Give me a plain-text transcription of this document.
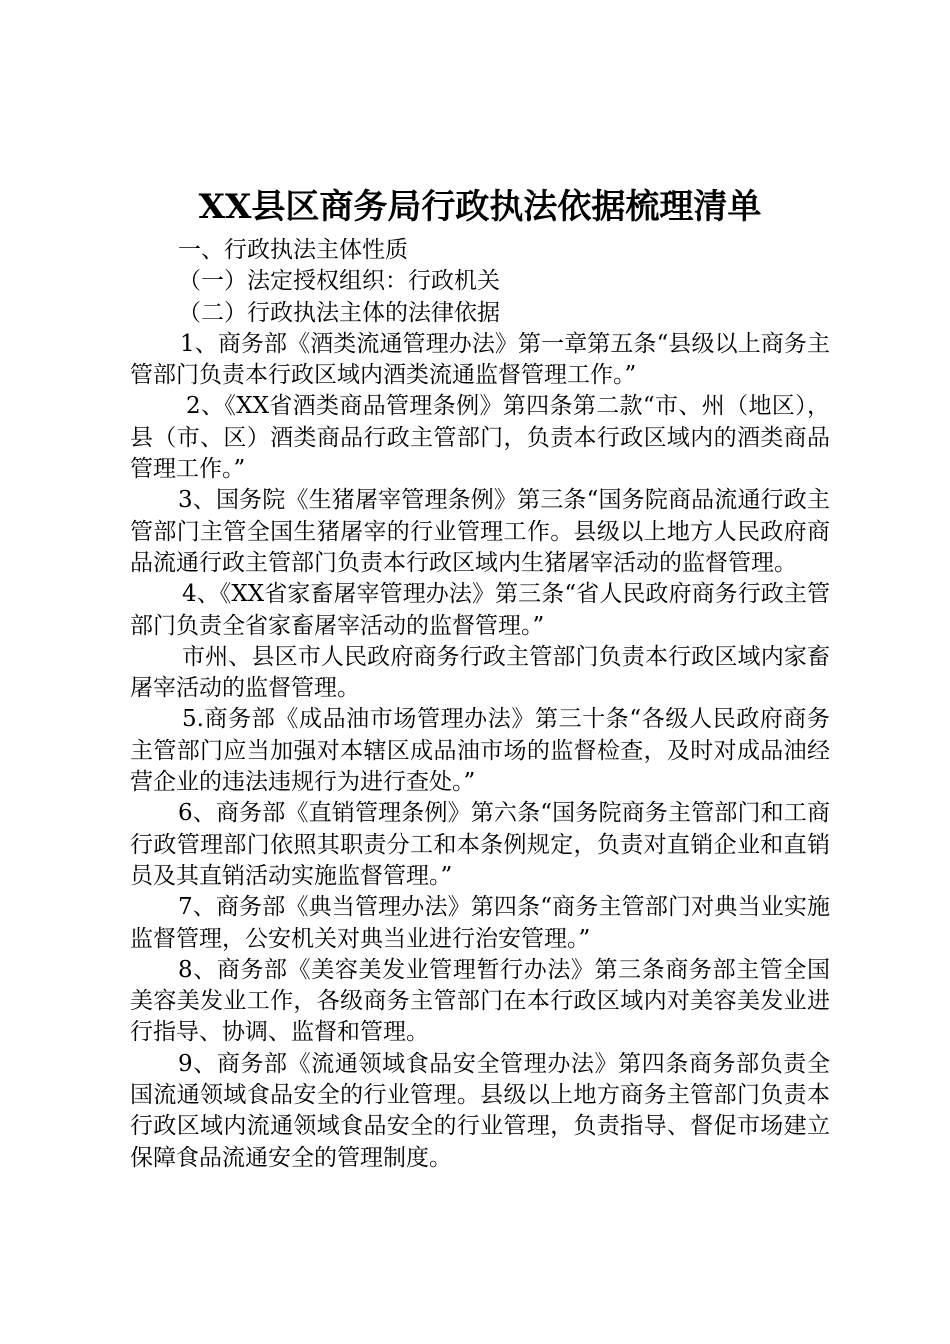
XX县区商务局行政执法依据梳理清单

一、行政执法主体性质

（一）法定授权组织：行政机关

（二）行政执法主体的法律依据

1、商务部《酒类流通管理办法》第一章第五条“县级以上商务主管部门负责本行政区域内酒类流通监督管理工作。”

2、《XX省酒类商品管理条例》第四条第二款“市、州（地区），县（市、区）酒类商品行政主管部门，负责本行政区域内的酒类商品管理工作。”

3、国务院《生猪屠宰管理条例》第三条“国务院商品流通行政主管部门主管全国生猪屠宰的行业管理工作。县级以上地方人民政府商品流通行政主管部门负责本行政区域内生猪屠宰活动的监督管理。

4、《XX省家畜屠宰管理办法》第三条“省人民政府商务行政主管部门负责全省家畜屠宰活动的监督管理。”

市州、县区市人民政府商务行政主管部门负责本行政区域内家畜屠宰活动的监督管理。

5.商务部《成品油市场管理办法》第三十条“各级人民政府商务主管部门应当加强对本辖区成品油市场的监督检查，及时对成品油经营企业的违法违规行为进行查处。”

6、商务部《直销管理条例》第六条“国务院商务主管部门和工商行政管理部门依照其职责分工和本条例规定，负责对直销企业和直销员及其直销活动实施监督管理。”

7、商务部《典当管理办法》第四条“商务主管部门对典当业实施监督管理，公安机关对典当业进行治安管理。”

8、商务部《美容美发业管理暂行办法》第三条商务部主管全国美容美发业工作，各级商务主管部门在本行政区域内对美容美发业进行指导、协调、监督和管理。

9、商务部《流通领域食品安全管理办法》第四条商务部负责全国流通领域食品安全的行业管理。县级以上地方商务主管部门负责本行政区域内流通领域食品安全的行业管理，负责指导、督促市场建立保障食品流通安全的管理制度。
